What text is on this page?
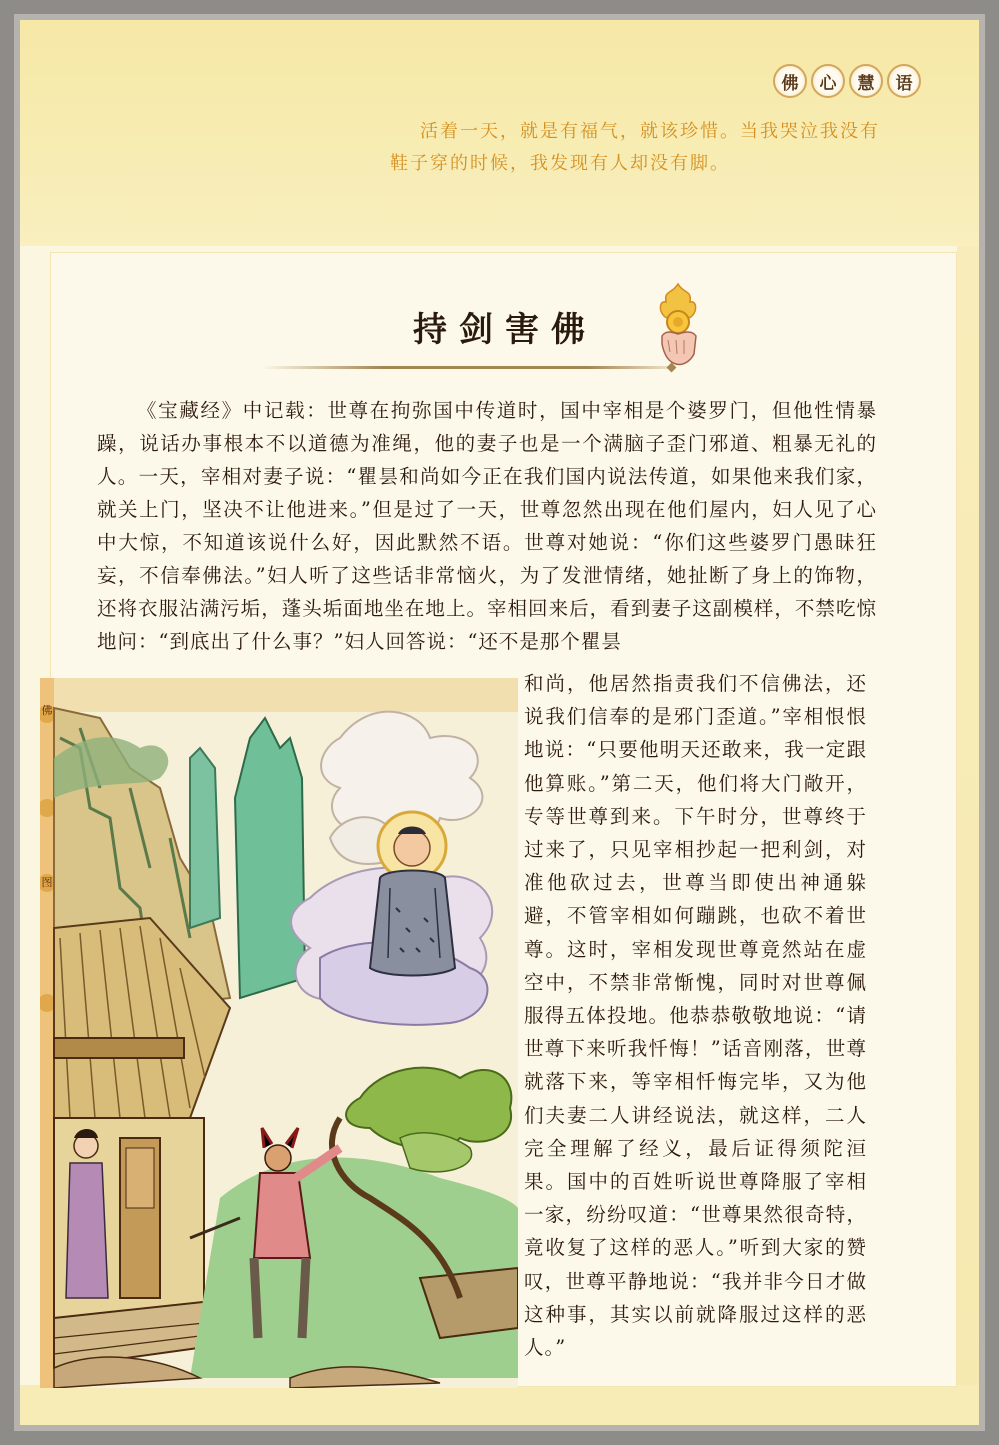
佛	心	慧	语
活着一天，就是有福气，就该珍惜。当我哭泣我没有鞋子穿的时候，我发现有人却没有脚。
持剑害佛

《宝藏经》中记载：世尊在拘弥国中传道时，国中宰相是个婆罗门，但他性情暴躁，说话办事根本不以道德为准绳，他的妻子也是一个满脑子歪门邪道、粗暴无礼的人。一天，宰相对妻子说：“瞿昙和尚如今正在我们国内说法传道，如果他来我们家，就关上门，坚决不让他进来。”但是过了一天，世尊忽然出现在他们屋内，妇人见了心中大惊，不知道该说什么好，因此默然不语。世尊对她说：“你们这些婆罗门愚昧狂妄，不信奉佛法。”妇人听了这些话非常恼火，为了发泄情绪，她扯断了身上的饰物，还将衣服沾满污垢，蓬头垢面地坐在地上。宰相回来后，看到妻子这副模样，不禁吃惊地问：“到底出了什么事？”妇人回答说：“还不是那个瞿昙

和尚，他居然指责我们不信佛法，还说我们信奉的是邪门歪道。”宰相恨恨地说：“只要他明天还敢来，我一定跟他算账。”第二天，他们将大门敞开，专等世尊到来。下午时分，世尊终于过来了，只见宰相抄起一把利剑，对准他砍过去，世尊当即使出神通躲避，不管宰相如何蹦跳，也砍不着世尊。这时，宰相发现世尊竟然站在虚空中，不禁非常惭愧，同时对世尊佩服得五体投地。他恭恭敬敬地说：“请世尊下来听我忏悔！”话音刚落，世尊就落下来，等宰相忏悔完毕，又为他们夫妻二人讲经说法，就这样，二人完全理解了经义，最后证得须陀洹果。国中的百姓听说世尊降服了宰相一家，纷纷叹道：“世尊果然很奇特，竟收复了这样的恶人。”听到大家的赞叹，世尊平静地说：“我并非今日才做这种事，其实以前就降服过这样的恶人。”
佛
图
